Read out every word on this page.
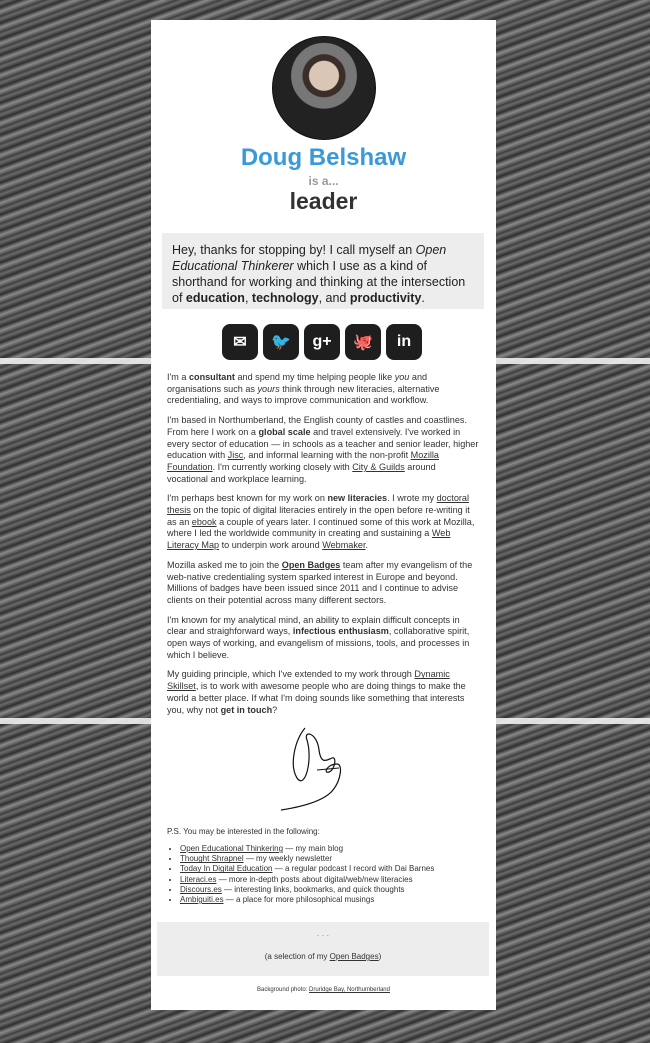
Doug Belshaw
is a...
leader
Hey, thanks for stopping by! I call myself an Open Educational Thinkerer which I use as a kind of shorthand for working and thinking at the intersection of education, technology, and productivity.
✉	🐦	g+	🐙	in

I'm a consultant and spend my time helping people like you and organisations such as yours think through new literacies, alternative credentialing, and ways to improve communication and workflow.

I'm based in Northumberland, the English county of castles and coastlines. From here I work on a global scale and travel extensively. I've worked in every sector of education — in schools as a teacher and senior leader, higher education with Jisc, and informal learning with the non-profit Mozilla Foundation. I'm currently working closely with City & Guilds around vocational and workplace learning.

I'm perhaps best known for my work on new literacies. I wrote my doctoral thesis on the topic of digital literacies entirely in the open before re-writing it as an ebook a couple of years later. I continued some of this work at Mozilla, where I led the worldwide community in creating and sustaining a Web Literacy Map to underpin work around Webmaker.

Mozilla asked me to join the Open Badges team after my evangelism of the web-native credentialing system sparked interest in Europe and beyond. Millions of badges have been issued since 2011 and I continue to advise clients on their potential across many different sectors.

I'm known for my analytical mind, an ability to explain difficult concepts in clear and straighforward ways, infectious enthusiasm, collaborative spirit, open ways of working, and evangelism of missions, tools, and processes in which I believe.

My guiding principle, which I've extended to my work through Dynamic Skillset, is to work with awesome people who are doing things to make the world a better place. If what I'm doing sounds like something that interests you, why not get in touch?

P.S. You may be interested in the following:
• Open Educational Thinkering — my main blog
• Thought Shrapnel — my weekly newsletter
• Today In Digital Education — a regular podcast I record with Dai Barnes
• Literaci.es — more in-depth posts about digital/web/new literacies
• Discours.es — interesting links, bookmarks, and quick thoughts
• Ambiguiti.es — a place for more philosophical musings
· · ·
(a selection of my Open Badges)
Background photo: Druridge Bay, Northumberland
